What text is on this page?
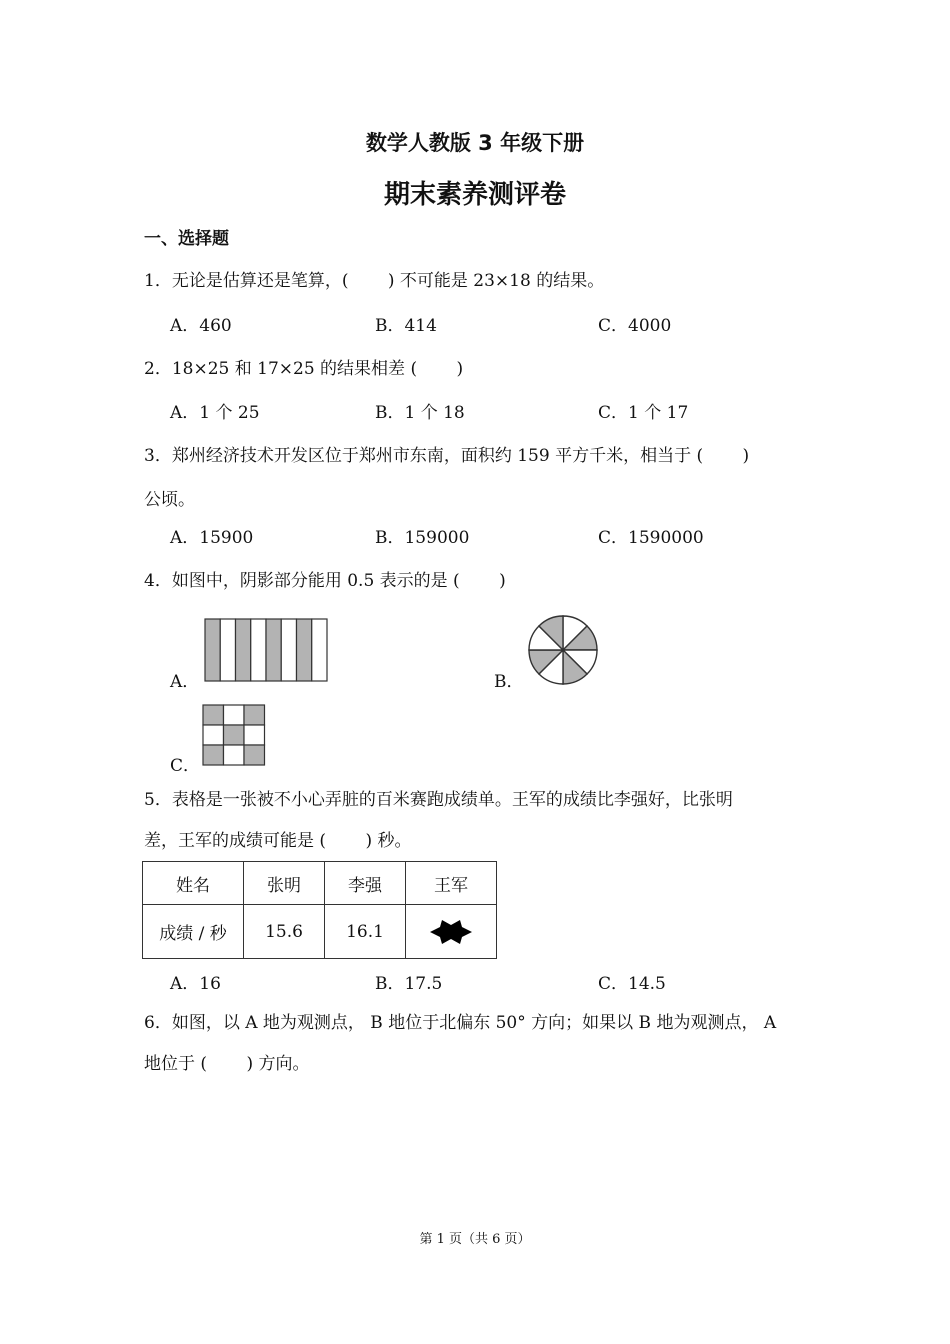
数学人教版 3 年级下册
期末素养测评卷
一、选择题
1．无论是估算还是笔算，(　　 ) 不可能是 23×18 的结果。
A．460	B．414	C．4000
2．18×25 和 17×25 的结果相差 (　　 )
A．1 个 25	B．1 个 18	C．1 个 17
3．郑州经济技术开发区位于郑州市东南，面积约 159 平方千米，相当于 (　　 )
公顷。
A．15900	B．159000	C．1590000
4．如图中，阴影部分能用 0.5 表示的是 (　　 )
A．	B．
C．
5．表格是一张被不小心弄脏的百米赛跑成绩单。王军的成绩比李强好，比张明
差，王军的成绩可能是 (　　 ) 秒。
姓名	张明	李强	王军
成绩 / 秒	15.6	16.1	
A．16	B．17.5	C．14.5
6．如图，以 A 地为观测点， B 地位于北偏东 50° 方向；如果以 B 地为观测点， A
地位于 (　　 ) 方向。
第 1 页（共 6 页）
